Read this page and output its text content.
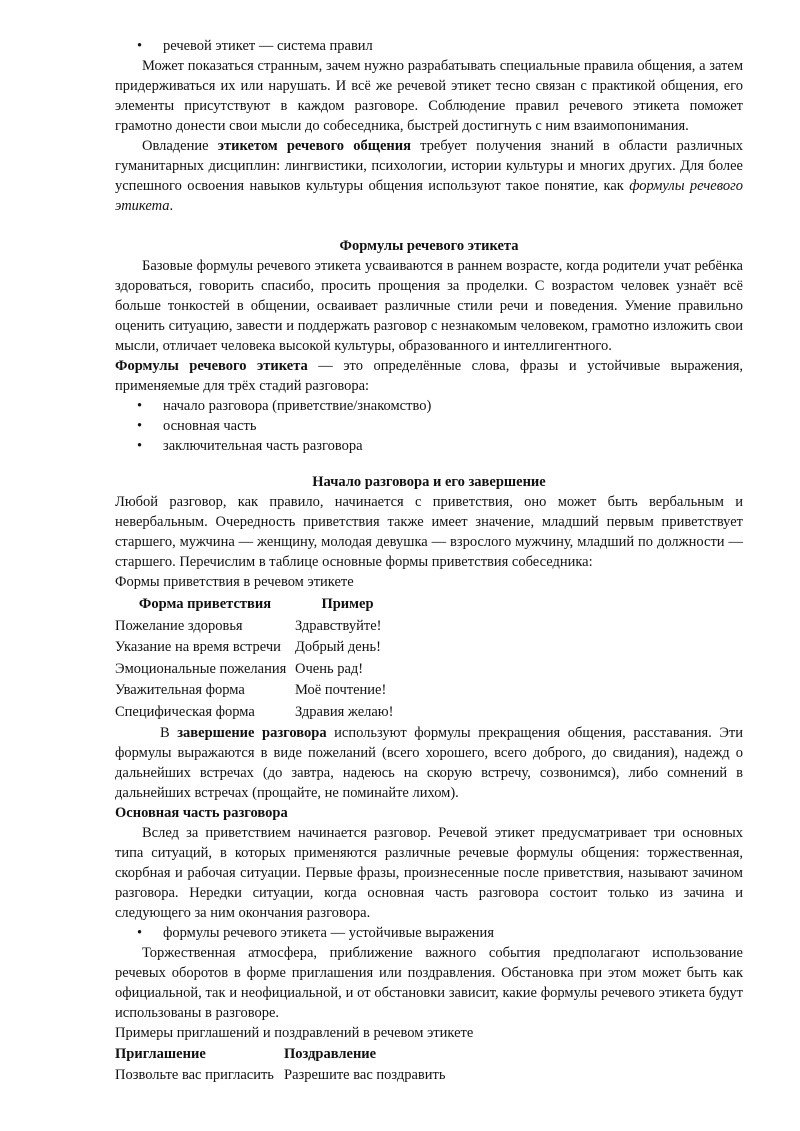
• речевой этикет — система правил

Может показаться странным, зачем нужно разрабатывать специальные правила общения, а затем придерживаться их или нарушать. И всё же речевой этикет тесно связан с практикой общения, его элементы присутствуют в каждом разговоре. Соблюдение правил речевого этикета поможет грамотно донести свои мысли до собеседника, быстрей достигнуть с ним взаимопонимания.

Овладение этикетом речевого общения требует получения знаний в области различных гуманитарных дисциплин: лингвистики, психологии, истории культуры и многих других. Для более успешного освоения навыков культуры общения используют такое понятие, как формулы речевого этикета.

Формулы речевого этикета

Базовые формулы речевого этикета усваиваются в раннем возрасте, когда родители учат ребёнка здороваться, говорить спасибо, просить прощения за проделки. С возрастом человек узнаёт всё больше тонкостей в общении, осваивает различные стили речи и поведения. Умение правильно оценить ситуацию, завести и поддержать разговор с незнакомым человеком, грамотно изложить свои мысли, отличает человека высокой культуры, образованного и интеллигентного.

Формулы речевого этикета — это определённые слова, фразы и устойчивые выражения, применяемые для трёх стадий разговора:

• начало разговора (приветствие/знакомство)
• основная часть
• заключительная часть разговора

Начало разговора и его завершение

Любой разговор, как правило, начинается с приветствия, оно может быть вербальным и невербальным. Очередность приветствия также имеет значение, младший первым приветствует старшего, мужчина — женщину, молодая девушка — взрослого мужчину, младший по должности — старшего. Перечислим в таблице основные формы приветствия собеседника:

Формы приветствия в речевом этикете

Форма приветствия	Пример
Пожелание здоровья	Здравствуйте!
Указание на время встречи	Добрый день!
Эмоциональные пожелания	Очень рад!
Уважительная форма	Моё почтение!
Специфическая форма	Здравия желаю!

В завершение разговора используют формулы прекращения общения, расставания. Эти формулы выражаются в виде пожеланий (всего хорошего, всего доброго, до свидания), надежд о дальнейших встречах (до завтра, надеюсь на скорую встречу, созвонимся), либо сомнений в дальнейших встречах (прощайте, не поминайте лихом).

Основная часть разговора

Вслед за приветствием начинается разговор. Речевой этикет предусматривает три основных типа ситуаций, в которых применяются различные речевые формулы общения: торжественная, скорбная и рабочая ситуации. Первые фразы, произнесенные после приветствия, называют зачином разговора. Нередки ситуации, когда основная часть разговора состоит только из зачина и следующего за ним окончания разговора.

• формулы речевого этикета — устойчивые выражения

Торжественная атмосфера, приближение важного события предполагают использование речевых оборотов в форме приглашения или поздравления. Обстановка при этом может быть как официальной, так и неофициальной, и от обстановки зависит, какие формулы речевого этикета будут использованы в разговоре.

Примеры приглашений и поздравлений в речевом этикете

Приглашение	Поздравление
Позвольте вас пригласить	Разрешите вас поздравить
